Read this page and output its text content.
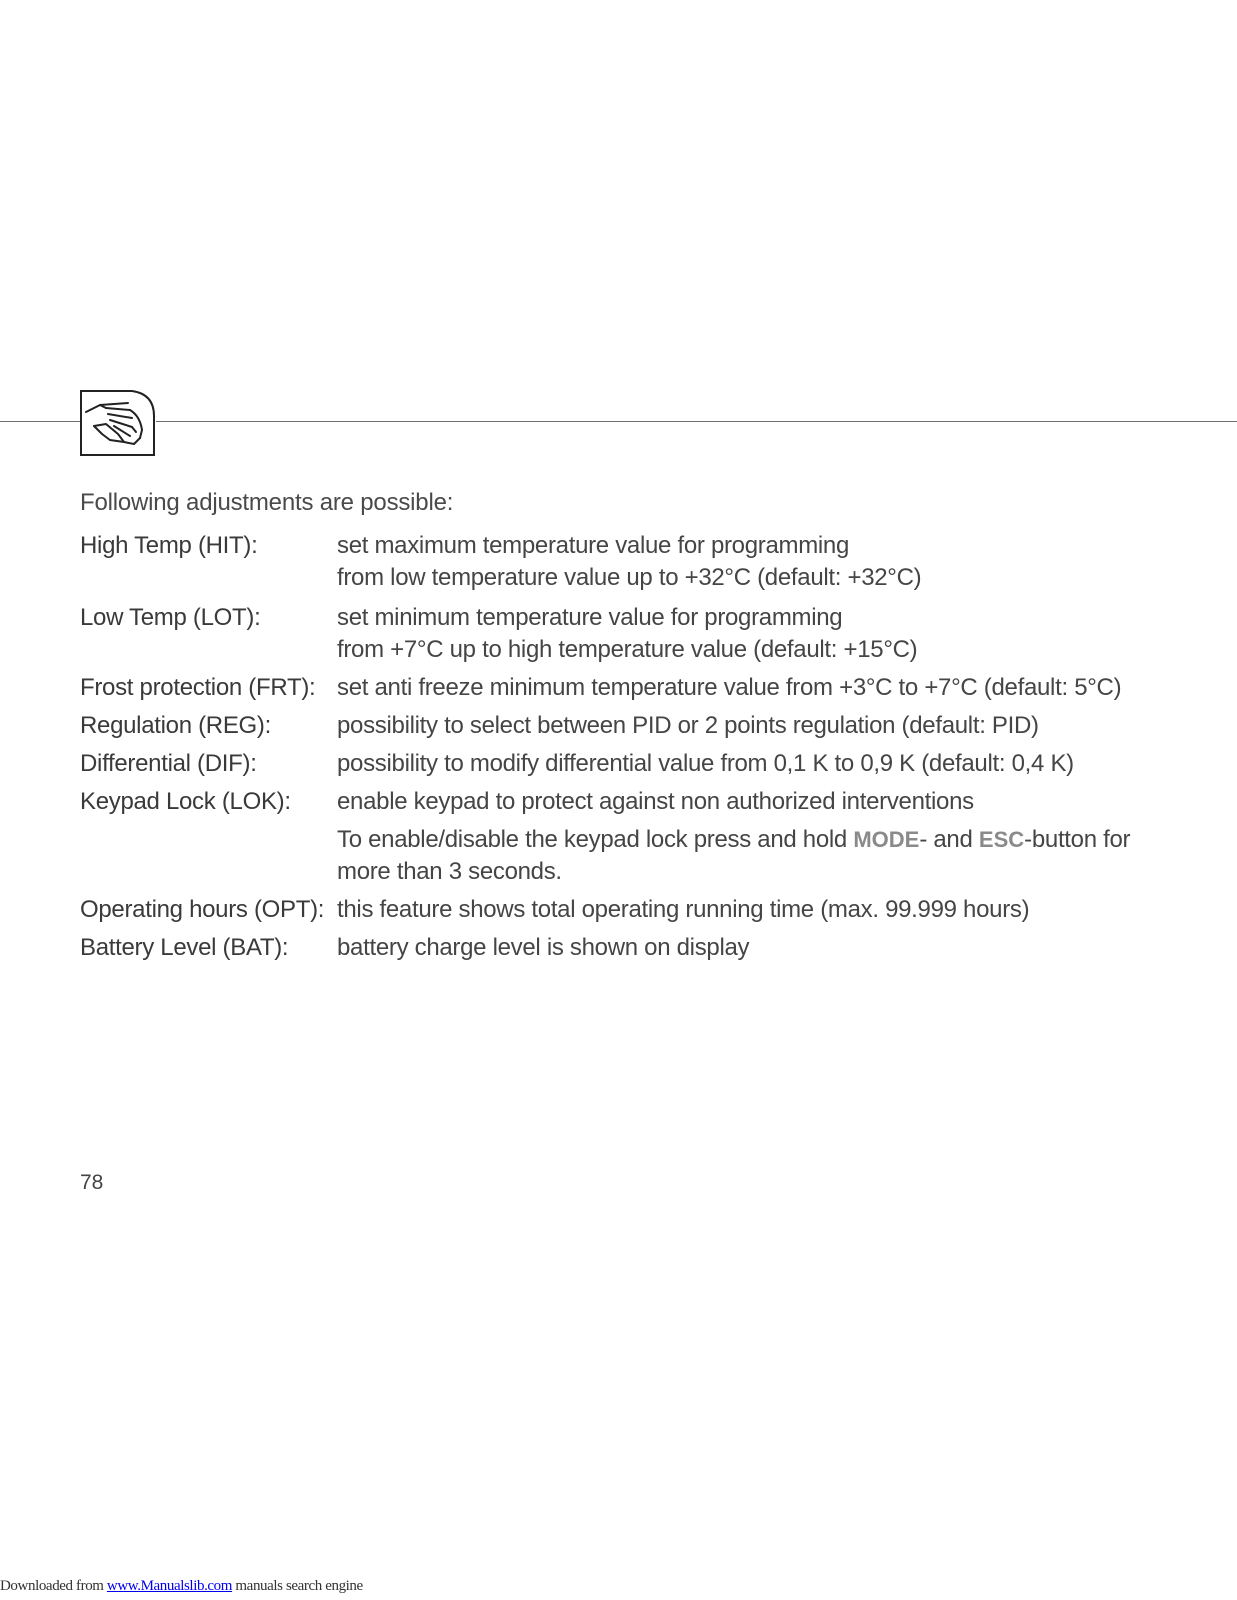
Following adjustments are possible:
High Temp (HIT):	set maximum temperature value for programming
from low temperature value up to +32°C (default: +32°C)
Low Temp (LOT):	set minimum temperature value for programming
from +7°C up to high temperature value (default: +15°C)
Frost protection (FRT): set anti freeze minimum temperature value from +3°C to +7°C (default: 5°C)
Regulation (REG):	possibility to select between PID or 2 points regulation (default: PID)
Differential (DIF):	possibility to modify differential value from 0,1 K to 0,9 K (default: 0,4 K)
Keypad Lock (LOK): enable keypad to protect against non authorized interventions
To enable/disable the keypad lock press and hold MODE- and ESC-button for
more than 3 seconds.
Operating hours (OPT): this feature shows total operating running time (max. 99.999 hours)
Battery Level (BAT): battery charge level is shown on display
78
Downloaded from www.Manualslib.com manuals search engine
